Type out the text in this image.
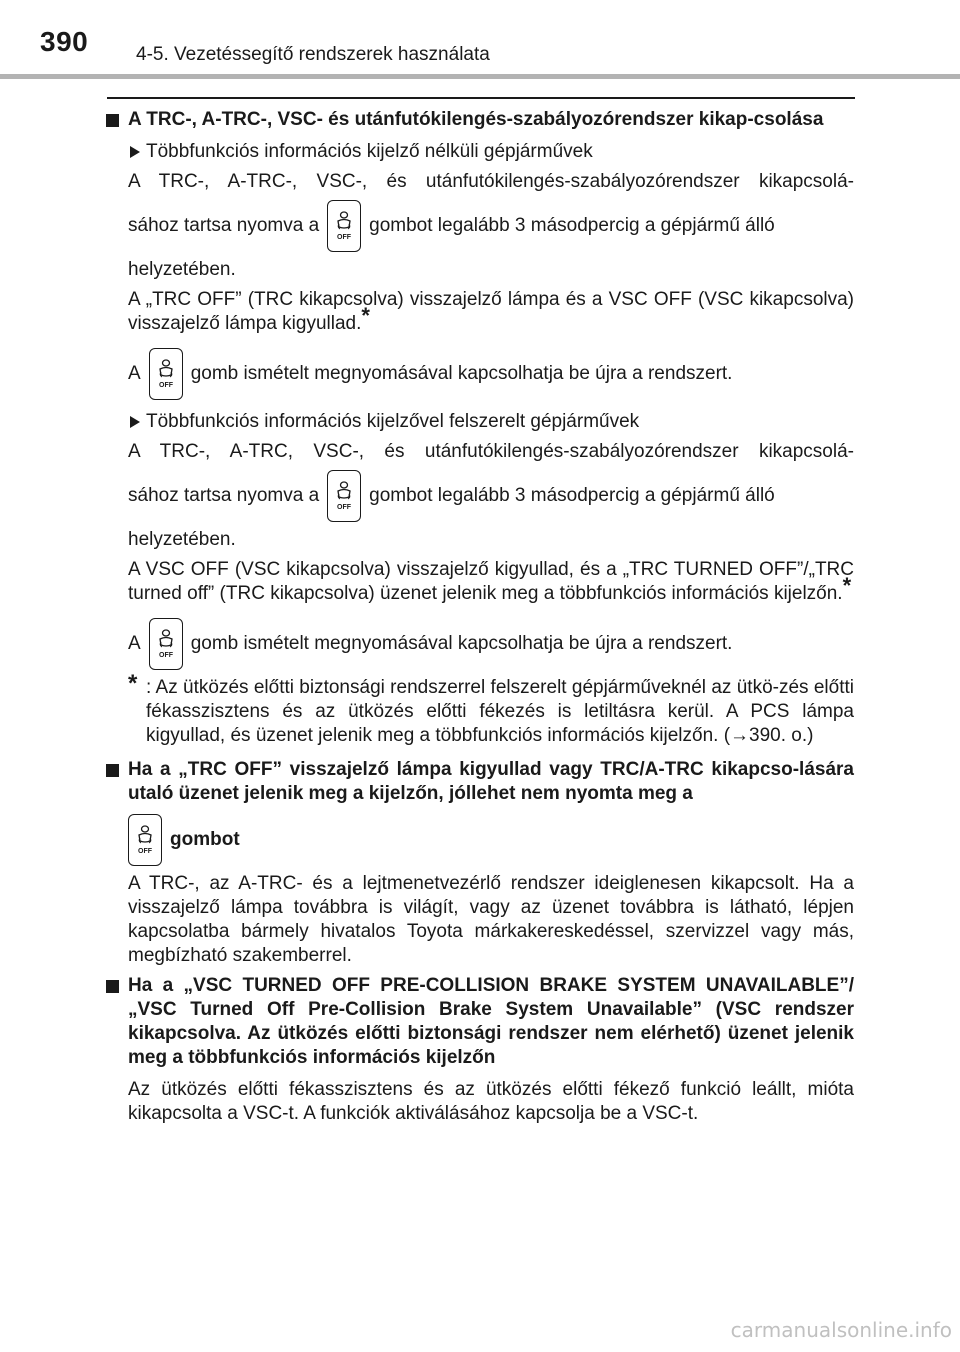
390	4-5. Vezetéssegítő rendszerek használata
A TRC-, A-TRC-, VSC- és utánfutókilengés-szabályozórendszer kikap-csolása
Többfunkciós információs kijelző nélküli gépjárművek
A TRC-, A-TRC-, VSC-, és utánfutókilengés-szabályozórendszer kikapcsolá-
sához tartsa nyomva a
OFF
gombot legalább 3 másodpercig a gépjármű álló
helyzetében.
A „TRC OFF” (TRC kikapcsolva) visszajelző lámpa és a VSC OFF (VSC kikapcsolva) visszajelző lámpa kigyullad.*
A
OFF
gomb ismételt megnyomásával kapcsolhatja be újra a rendszert.
Többfunkciós információs kijelzővel felszerelt gépjárművek
A TRC-, A-TRC, VSC-, és utánfutókilengés-szabályozórendszer kikapcsolá-
sához tartsa nyomva a
OFF
gombot legalább 3 másodpercig a gépjármű álló
helyzetében.
A VSC OFF (VSC kikapcsolva) visszajelző kigyullad, és a „TRC TURNED OFF”/„TRC turned off” (TRC kikapcsolva) üzenet jelenik meg a többfunkciós információs kijelzőn.*
A
OFF
gomb ismételt megnyomásával kapcsolhatja be újra a rendszert.
* : Az ütközés előtti biztonsági rendszerrel felszerelt gépjárműveknél az ütkö-zés előtti fékasszisztens és az ütközés előtti fékezés is letiltásra kerül. A PCS lámpa kigyullad, és üzenet jelenik meg a többfunkciós információs kijelzőn. (→390. o.)
Ha a „TRC OFF” visszajelző lámpa kigyullad vagy TRC/A-TRC kikapcso-lására utaló üzenet jelenik meg a kijelzőn, jóllehet nem nyomta meg a
OFF
gombot
A TRC-, az A-TRC- és a lejtmenetvezérlő rendszer ideiglenesen kikapcsolt. Ha a visszajelző lámpa továbbra is világít, vagy az üzenet továbbra is látható, lépjen kapcsolatba bármely hivatalos Toyota márkakereskedéssel, szervizzel vagy más, megbízható szakemberrel.
Ha a „VSC TURNED OFF PRE-COLLISION BRAKE SYSTEM UNAVAILABLE”/„VSC Turned Off Pre-Collision Brake System Unavailable” (VSC rendszer kikapcsolva. Az ütközés előtti biztonsági rendszer nem elérhető) üzenet jelenik meg a többfunkciós információs kijelzőn
Az ütközés előtti fékasszisztens és az ütközés előtti fékező funkció leállt, mióta kikapcsolta a VSC-t. A funkciók aktiválásához kapcsolja be a VSC-t.
carmanualsonline.info
